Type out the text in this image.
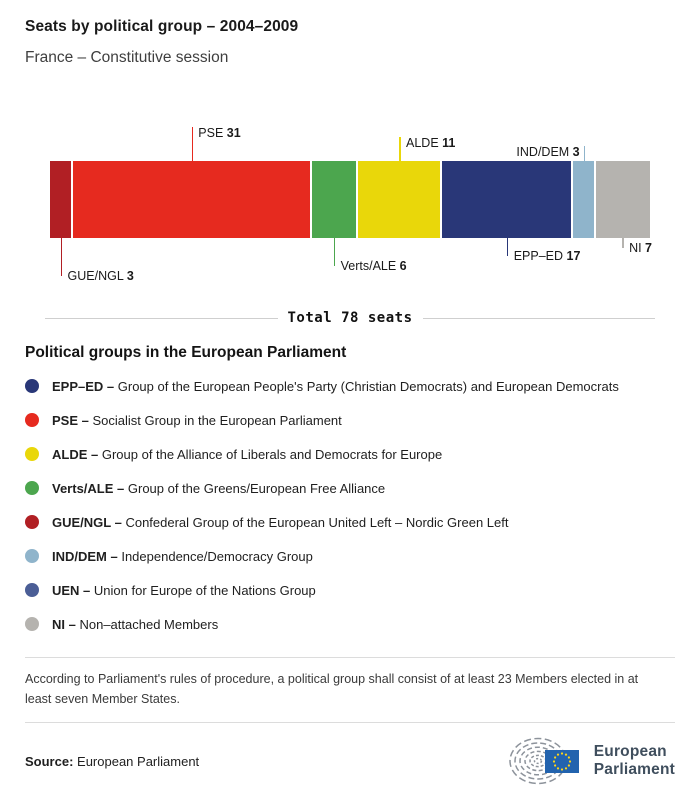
Seats by political group – 2004–2009
France – Constitutive session
GUE/NGL 3
PSE 31
Verts/ALE 6
ALDE 11
EPP–ED 17
IND/DEM 3
NI 7
Total 78 seats
Political groups in the European Parliament
EPP–ED – Group of the European People's Party (Christian Democrats) and European Democrats
PSE – Socialist Group in the European Parliament
ALDE – Group of the Alliance of Liberals and Democrats for Europe
Verts/ALE – Group of the Greens/European Free Alliance
GUE/NGL – Confederal Group of the European United Left – Nordic Green Left
IND/DEM – Independence/Democracy Group
UEN – Union for Europe of the Nations Group
NI – Non–attached Members

According to Parliament's rules of procedure, a political group shall consist of at least 23 Members elected in at least seven Member States.

Source: European Parliament

European
Parliament
